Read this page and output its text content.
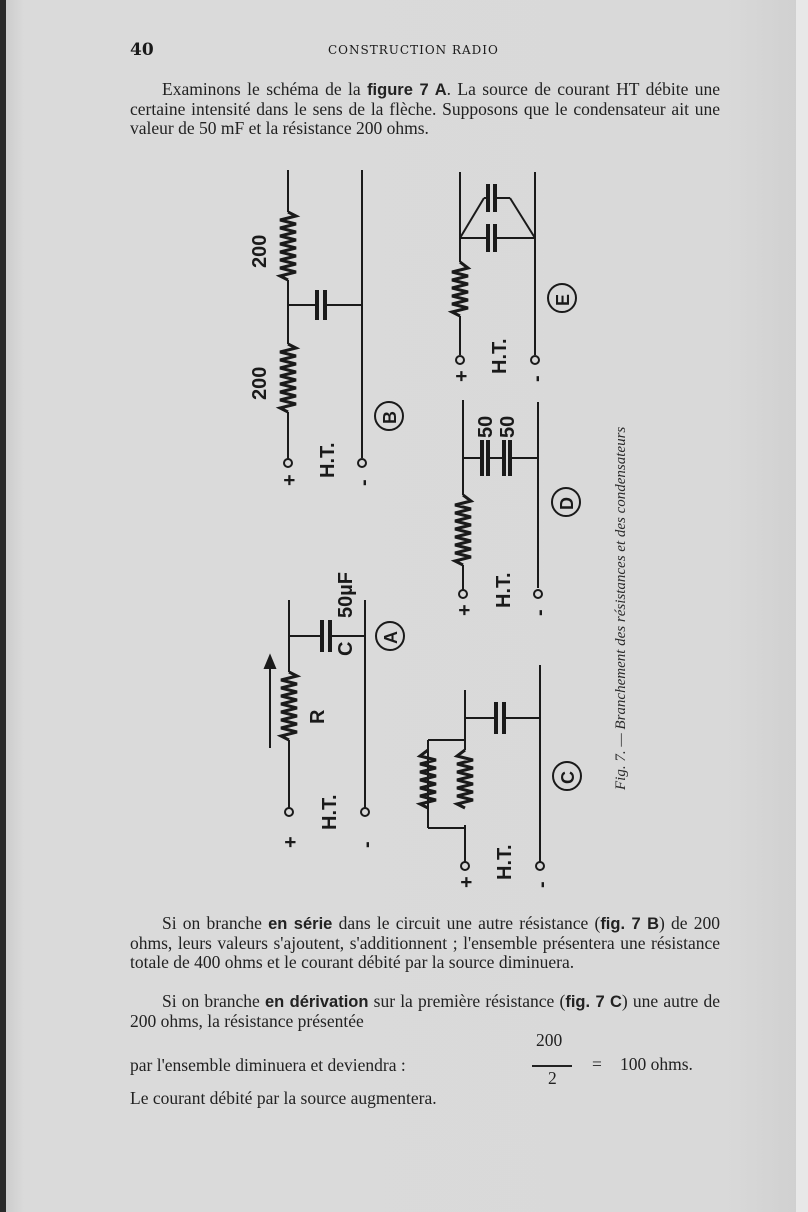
40	CONSTRUCTION RADIO

Examinons le schéma de la figure 7 A. La source de courant HT débite une certaine intensité dans le sens de la flèche. Supposons que le condensateur ait une valeur de 50 mF et la résistance 200 ohms.

+	-
H.T.
R
C
50µF
A
+	-
H.T.
200
200
B
+	-
H.T.
C
+	-
H.T.
50 50
D
+	-
H.T.
E
Fig. 7. — Branchement des résistances et des condensateurs

Si on branche en série dans le circuit une autre résistance (fig. 7 B) de 200 ohms, leurs valeurs s'ajoutent, s'additionnent ; l'ensemble présentera une résistance totale de 400 ohms et le courant débité par la source diminuera.

Si on branche en dérivation sur la première résistance (fig. 7 C) une autre de 200 ohms, la résistance présentée

par l'ensemble diminuera et deviendra :
200
2
= 100 ohms.
Le courant débité par la source augmentera.
